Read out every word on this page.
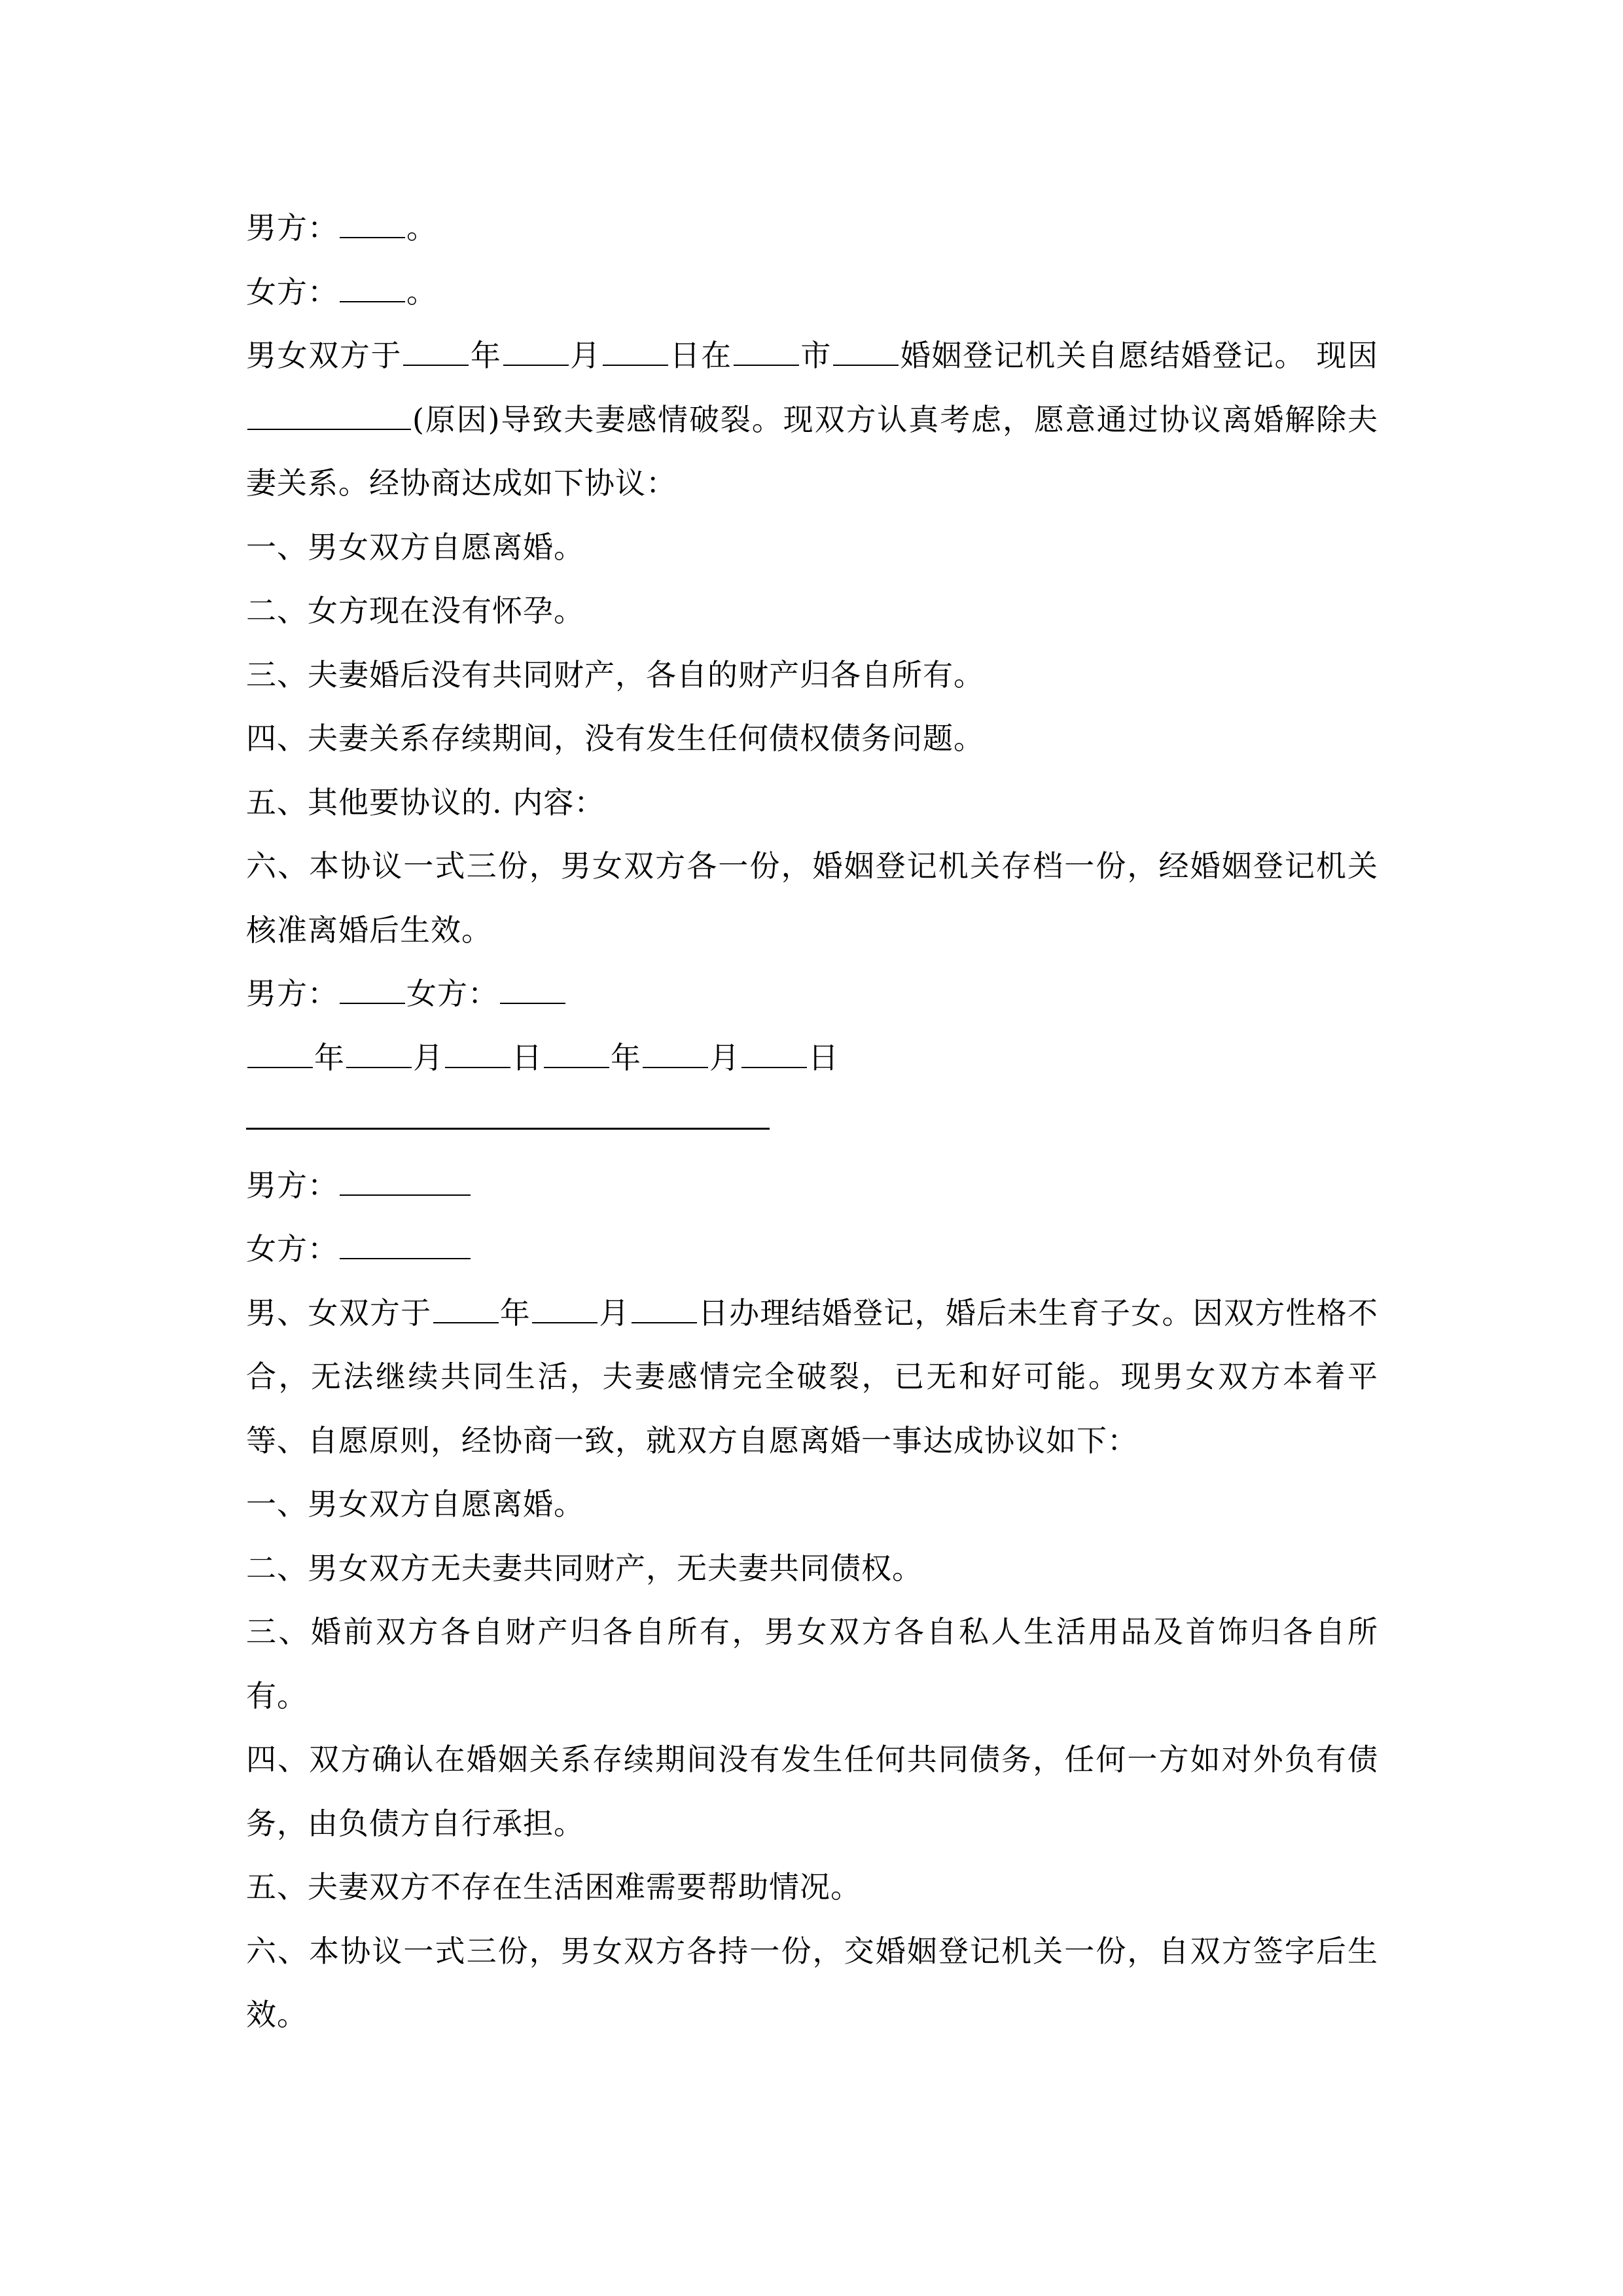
男方： 。
女方： 。
男女双方于 年 月 日在 市 婚姻登记机关自愿结婚登记。 现因(原因)导致夫妻感情破裂。现双方认真考虑，愿意通过协议离婚解除夫妻关系。经协商达成如下协议：
一、男女双方自愿离婚。
二、女方现在没有怀孕。
三、夫妻婚后没有共同财产，各自的财产归各自所有。
四、夫妻关系存续期间，没有发生任何债权债务问题。
五、其他要协议的. 内容：
六、本协议一式三份，男女双方各一份，婚姻登记机关存档一份，经婚姻登记机关核准离婚后生效。
男方： 女方：
年 月 日 年 月 日
男方：
女方：
男、女双方于 年 月 日办理结婚登记，婚后未生育子女。因双方性格不合，无法继续共同生活，夫妻感情完全破裂，已无和好可能。现男女双方本着平等、自愿原则，经协商一致，就双方自愿离婚一事达成协议如下：
一、男女双方自愿离婚。
二、男女双方无夫妻共同财产，无夫妻共同债权。
三、婚前双方各自财产归各自所有，男女双方各自私人生活用品及首饰归各自所有。
四、双方确认在婚姻关系存续期间没有发生任何共同债务，任何一方如对外负有债务，由负债方自行承担。
五、夫妻双方不存在生活困难需要帮助情况。
六、本协议一式三份，男女双方各持一份，交婚姻登记机关一份，自双方签字后生效。
